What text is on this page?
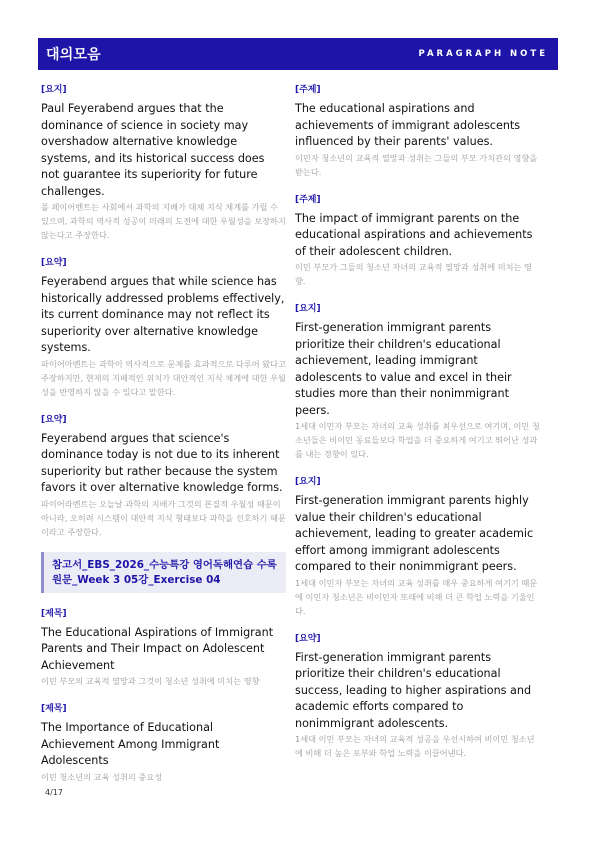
대의모음	PARAGRAPH NOTE
[요지]
Paul Feyerabend argues that the dominance of science in society may overshadow alternative knowledge systems, and its historical success does not guarantee its superiority for future challenges.
폴 페이어벤트는 사회에서 과학의 지배가 대체 지식 체계를 가릴 수 있으며, 과학의 역사적 성공이 미래의 도전에 대한 우월성을 보장하지 않는다고 주장한다.
[요약]
Feyerabend argues that while science has historically addressed problems effectively, its current dominance may not reflect its superiority over alternative knowledge systems.
파이어아벤트는 과학이 역사적으로 문제를 효과적으로 다루어 왔다고 주장하지만, 현재의 지배적인 위치가 대안적인 지식 체계에 대한 우월성을 반영하지 않을 수 있다고 말한다.
[요약]
Feyerabend argues that science's dominance today is not due to its inherent superiority but rather because the system favors it over alternative knowledge forms.
파이어라벤트는 오늘날 과학의 지배가 그것의 본질적 우월성 때문이 아니라, 오히려 시스템이 대안적 지식 형태보다 과학을 선호하기 때문이라고 주장한다.
참고서_EBS_2026_수능특강 영어독해연습 수록 원문_Week 3 05강_Exercise 04
[제목]
The Educational Aspirations of Immigrant Parents and Their Impact on Adolescent Achievement
이민 부모의 교육적 열망과 그것이 청소년 성취에 미치는 영향
[제목]
The Importance of Educational Achievement Among Immigrant Adolescents
이민 청소년의 교육 성취의 중요성
[주제]
The educational aspirations and achievements of immigrant adolescents influenced by their parents' values.
이민자 청소년의 교육적 열망과 성취는 그들의 부모 가치관의 영향을 받는다.
[주제]
The impact of immigrant parents on the educational aspirations and achievements of their adolescent children.
이민 부모가 그들의 청소년 자녀의 교육적 열망과 성취에 미치는 영향.
[요지]
First-generation immigrant parents prioritize their children's educational achievement, leading immigrant adolescents to value and excel in their studies more than their nonimmigrant peers.
1세대 이민자 부모는 자녀의 교육 성취를 최우선으로 여기며, 이민 청소년들은 비이민 동료들보다 학업을 더 중요하게 여기고 뛰어난 성과를 내는 경향이 있다.
[요지]
First-generation immigrant parents highly value their children's educational achievement, leading to greater academic effort among immigrant adolescents compared to their nonimmigrant peers.
1세대 이민자 부모는 자녀의 교육 성취를 매우 중요하게 여기기 때문에 이민자 청소년은 비이민자 또래에 비해 더 큰 학업 노력을 기울인다.
[요약]
First-generation immigrant parents prioritize their children's educational success, leading to higher aspirations and academic efforts compared to nonimmigrant adolescents.
1세대 이민 부모는 자녀의 교육적 성공을 우선시하여 비이민 청소년에 비해 더 높은 포부와 학업 노력을 이끌어낸다.
4/17
